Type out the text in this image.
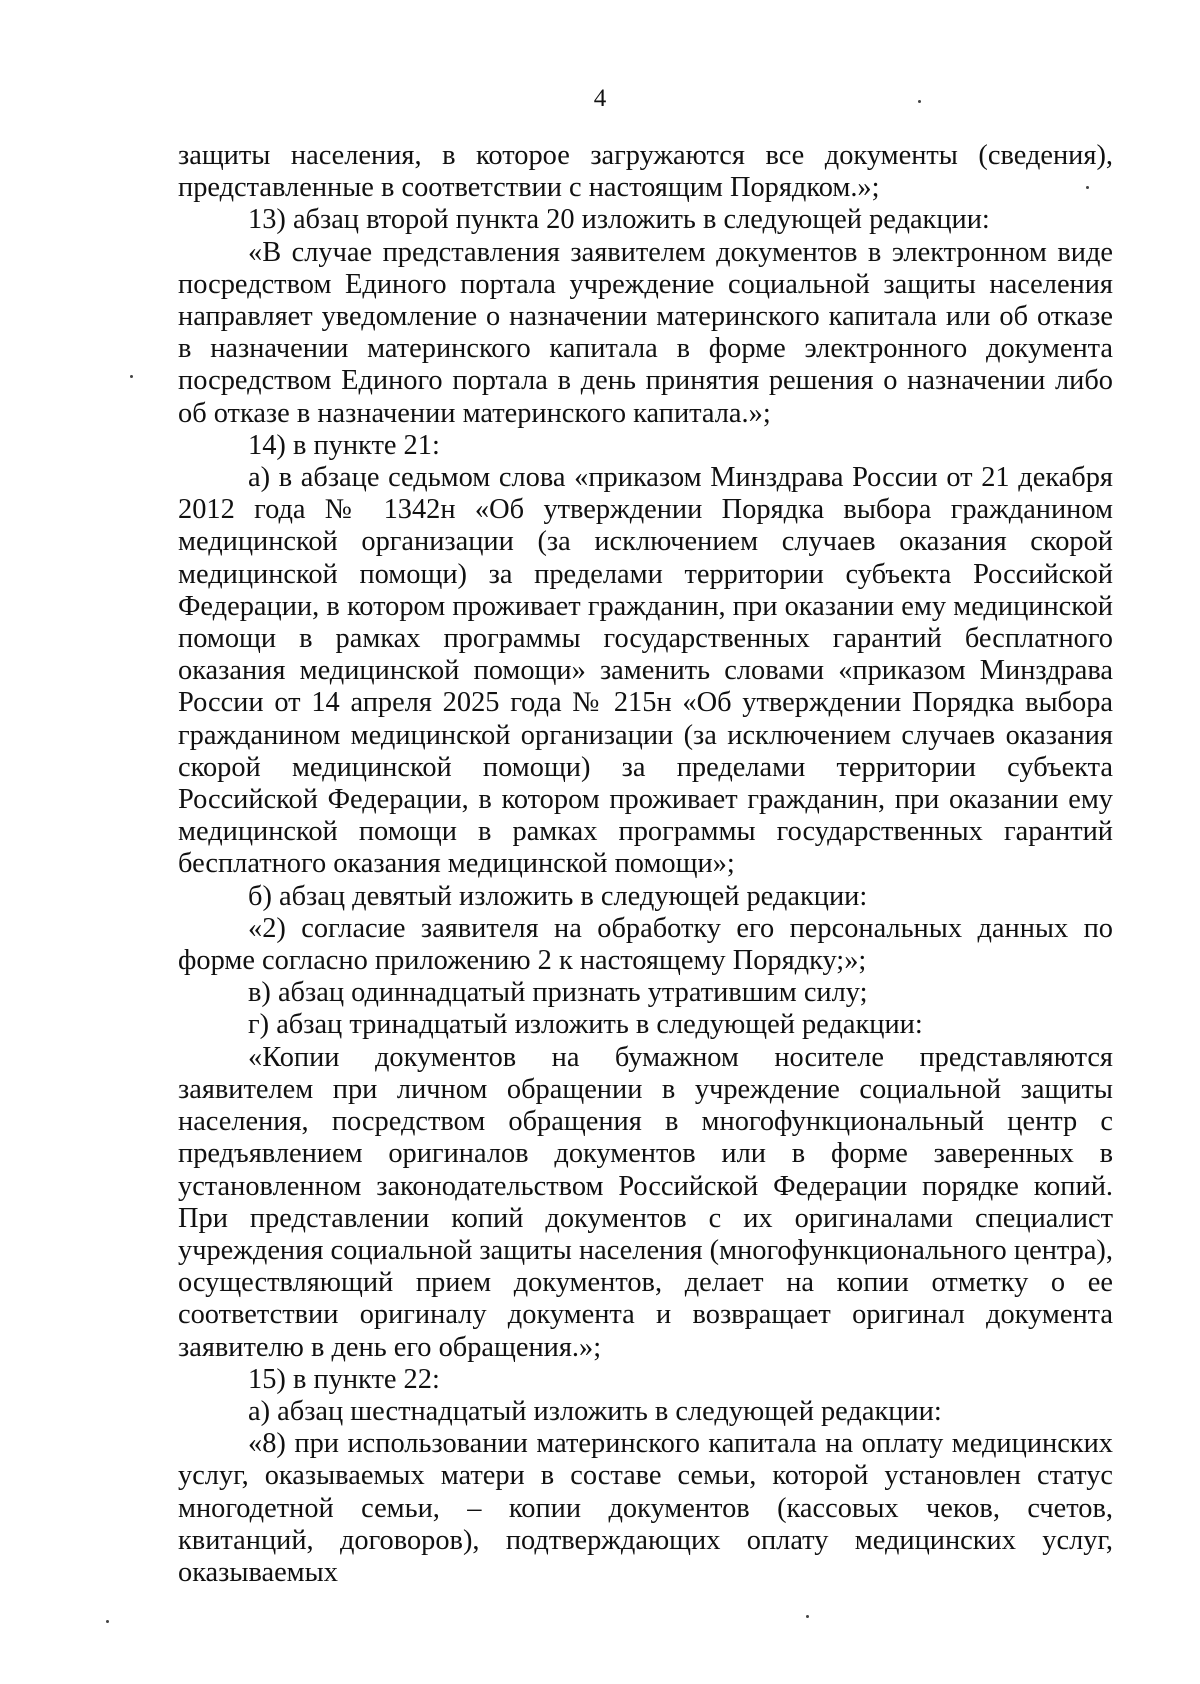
4

защиты населения, в которое загружаются все документы (сведения), представленные в соответствии с настоящим Порядком.»;

13) абзац второй пункта 20 изложить в следующей редакции:

«В случае представления заявителем документов в электронном виде посредством Единого портала учреждение социальной защиты населения направляет уведомление о назначении материнского капитала или об отказе в назначении материнского капитала в форме электронного документа посредством Единого портала в день принятия решения о назначении либо об отказе в назначении материнского капитала.»;

14) в пункте 21:

а) в абзаце седьмом слова «приказом Минздрава России от 21 декабря 2012 года № 1342н «Об утверждении Порядка выбора гражданином медицинской организации (за исключением случаев оказания скорой медицинской помощи) за пределами территории субъекта Российской Федерации, в котором проживает гражданин, при оказании ему медицинской помощи в рамках программы государственных гарантий бесплатного оказания медицинской помощи» заменить словами «приказом Минздрава России от 14 апреля 2025 года № 215н «Об утверждении Порядка выбора гражданином медицинской организации (за исключением случаев оказания скорой медицинской помощи) за пределами территории субъекта Российской Федерации, в котором проживает гражданин, при оказании ему медицинской помощи в рамках программы государственных гарантий бесплатного оказания медицинской помощи»;

б) абзац девятый изложить в следующей редакции:

«2) согласие заявителя на обработку его персональных данных по форме согласно приложению 2 к настоящему Порядку;»;

в) абзац одиннадцатый признать утратившим силу;

г) абзац тринадцатый изложить в следующей редакции:

«Копии документов на бумажном носителе представляются заявителем при личном обращении в учреждение социальной защиты населения, посредством обращения в многофункциональный центр с предъявлением оригиналов документов или в форме заверенных в установленном законодательством Российской Федерации порядке копий. При представлении копий документов с их оригиналами специалист учреждения социальной защиты населения (многофункционального центра), осуществляющий прием документов, делает на копии отметку о ее соответствии оригиналу документа и возвращает оригинал документа заявителю в день его обращения.»;

15) в пункте 22:

а) абзац шестнадцатый изложить в следующей редакции:

«8) при использовании материнского капитала на оплату медицинских услуг, оказываемых матери в составе семьи, которой установлен статус многодетной семьи, – копии документов (кассовых чеков, счетов, квитанций, договоров), подтверждающих оплату медицинских услуг, оказываемых
